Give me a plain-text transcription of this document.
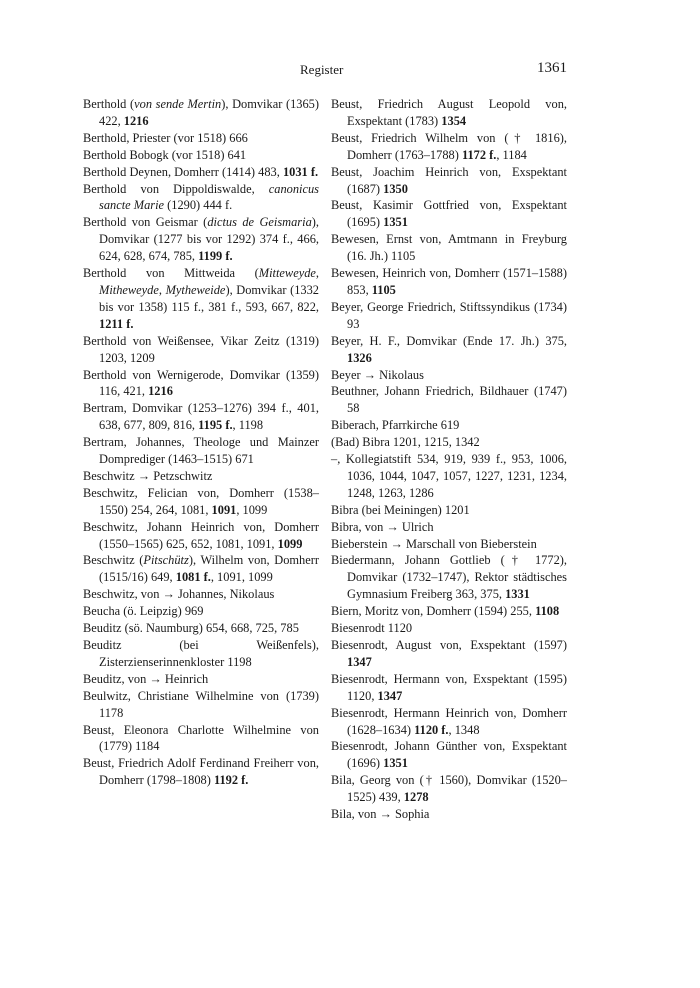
Register	1361

Berthold (von sende Mertin), Domvikar (1365) 422, 1216

Berthold, Priester (vor 1518) 666

Berthold Bobogk (vor 1518) 641

Berthold Deynen, Domherr (1414) 483, 1031 f.

Berthold von Dippoldiswalde, canonicus sancte Marie (1290) 444 f.

Berthold von Geismar (dictus de Geismaria), Domvikar (1277 bis vor 1292) 374 f., 466, 624, 628, 674, 785, 1199 f.

Berthold von Mittweida (Mitteweyde, Mitheweyde, Mytheweide), Domvikar (1332 bis vor 1358) 115 f., 381 f., 593, 667, 822, 1211 f.

Berthold von Weißensee, Vikar Zeitz (1319) 1203, 1209

Berthold von Wernigerode, Domvikar (1359) 116, 421, 1216

Bertram, Domvikar (1253–1276) 394 f., 401, 638, 677, 809, 816, 1195 f., 1198

Bertram, Johannes, Theologe und Mainzer Domprediger (1463–1515) 671

Beschwitz → Petzschwitz

Beschwitz, Felician von, Domherr (1538–1550) 254, 264, 1081, 1091, 1099

Beschwitz, Johann Heinrich von, Domherr (1550–1565) 625, 652, 1081, 1091, 1099

Beschwitz (Pitschütz), Wilhelm von, Domherr (1515/16) 649, 1081 f., 1091, 1099

Beschwitz, von → Johannes, Nikolaus

Beucha (ö. Leipzig) 969

Beuditz (sö. Naumburg) 654, 668, 725, 785

Beuditz (bei Weißenfels), Zisterzienserinnenkloster 1198

Beuditz, von → Heinrich

Beulwitz, Christiane Wilhelmine von (1739) 1178

Beust, Eleonora Charlotte Wilhelmine von (1779) 1184

Beust, Friedrich Adolf Ferdinand Freiherr von, Domherr (1798–1808) 1192 f.

Beust, Friedrich August Leopold von, Exspektant (1783) 1354

Beust, Friedrich Wilhelm von († 1816), Domherr (1763–1788) 1172 f., 1184

Beust, Joachim Heinrich von, Exspektant (1687) 1350

Beust, Kasimir Gottfried von, Exspektant (1695) 1351

Bewesen, Ernst von, Amtmann in Freyburg (16. Jh.) 1105

Bewesen, Heinrich von, Domherr (1571–1588) 853, 1105

Beyer, George Friedrich, Stiftssyndikus (1734) 93

Beyer, H. F., Domvikar (Ende 17. Jh.) 375, 1326

Beyer → Nikolaus

Beuthner, Johann Friedrich, Bildhauer (1747) 58

Biberach, Pfarrkirche 619

(Bad) Bibra 1201, 1215, 1342

–, Kollegiatstift 534, 919, 939 f., 953, 1006, 1036, 1044, 1047, 1057, 1227, 1231, 1234, 1248, 1263, 1286

Bibra (bei Meiningen) 1201

Bibra, von → Ulrich

Bieberstein → Marschall von Bieberstein

Biedermann, Johann Gottlieb († 1772), Domvikar (1732–1747), Rektor städtisches Gymnasium Freiberg 363, 375, 1331

Biern, Moritz von, Domherr (1594) 255, 1108

Biesenrodt 1120

Biesenrodt, August von, Exspektant (1597) 1347

Biesenrodt, Hermann von, Exspektant (1595) 1120, 1347

Biesenrodt, Hermann Heinrich von, Domherr (1628–1634) 1120 f., 1348

Biesenrodt, Johann Günther von, Exspektant (1696) 1351

Bila, Georg von († 1560), Domvikar (1520–1525) 439, 1278

Bila, von → Sophia
